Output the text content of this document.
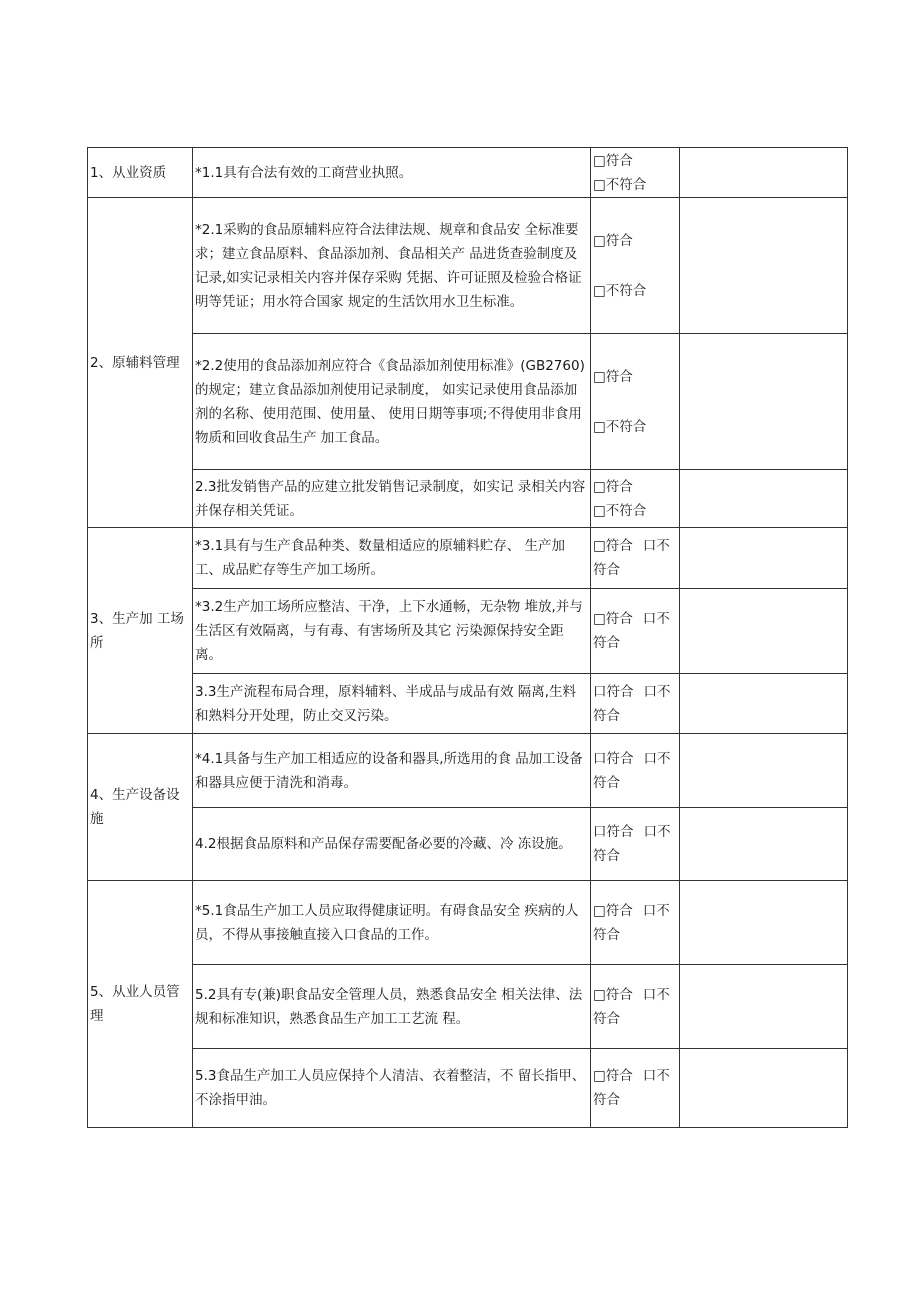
1、从业资质	*1.1具有合法有效的工商营业执照。	□符合
□不符合	

2、原辅料管理	*2.1采购的食品原辅料应符合法律法规、规章和食品安 全标准要求；建立食品原料、食品添加剂、食品相关产 品进货查验制度及记录,如实记录相关内容并保存采购 凭据、许可证照及检验合格证明等凭证；用水符合国家 规定的生活饮用水卫生标准。	□符合
□不符合	

	*2.2使用的食品添加剂应符合《食品添加剂使用标准》(GB2760)的规定；建立食品添加剂使用记录制度， 如实记录使用食品添加剂的名称、使用范围、使用量、 使用日期等事项;不得使用非食用物质和回收食品生产 加工食品。	□符合
□不符合	

	2.3批发销售产品的应建立批发销售记录制度，如实记 录相关内容并保存相关凭证。	□符合
□不符合	

3、生产加 工场所	*3.1具有与生产食品种类、数量相适应的原辅料贮存、 生产加工、成品贮存等生产加工场所。	□符合 口不
符合	

	*3.2生产加工场所应整洁、干净，上下水通畅，无杂物 堆放,并与生活区有效隔离，与有毒、有害场所及其它 污染源保持安全距离。	□符合 口不
符合	

	3.3生产流程布局合理，原料辅料、半成品与成品有效 隔离,生料和熟料分开处理，防止交叉污染。	口符合 口不
符合	

4、生产设备设施	*4.1具备与生产加工相适应的设备和器具,所选用的食 品加工设备和器具应便于清洗和消毒。	口符合 口不
符合	

	4.2根据食品原料和产品保存需要配备必要的冷藏、冷 冻设施。	口符合 口不
符合	

5、从业人员管理	*5.1食品生产加工人员应取得健康证明。有碍食品安全 疾病的人员，不得从事接触直接入口食品的工作。	□符合 口不
符合	

	5.2具有专(兼)职食品安全管理人员，熟悉食品安全 相关法律、法规和标准知识，熟悉食品生产加工工艺流 程。	□符合 口不
符合	

	5.3食品生产加工人员应保持个人清洁、衣着整洁，不 留长指甲、不涂指甲油。	□符合 口不
符合	
